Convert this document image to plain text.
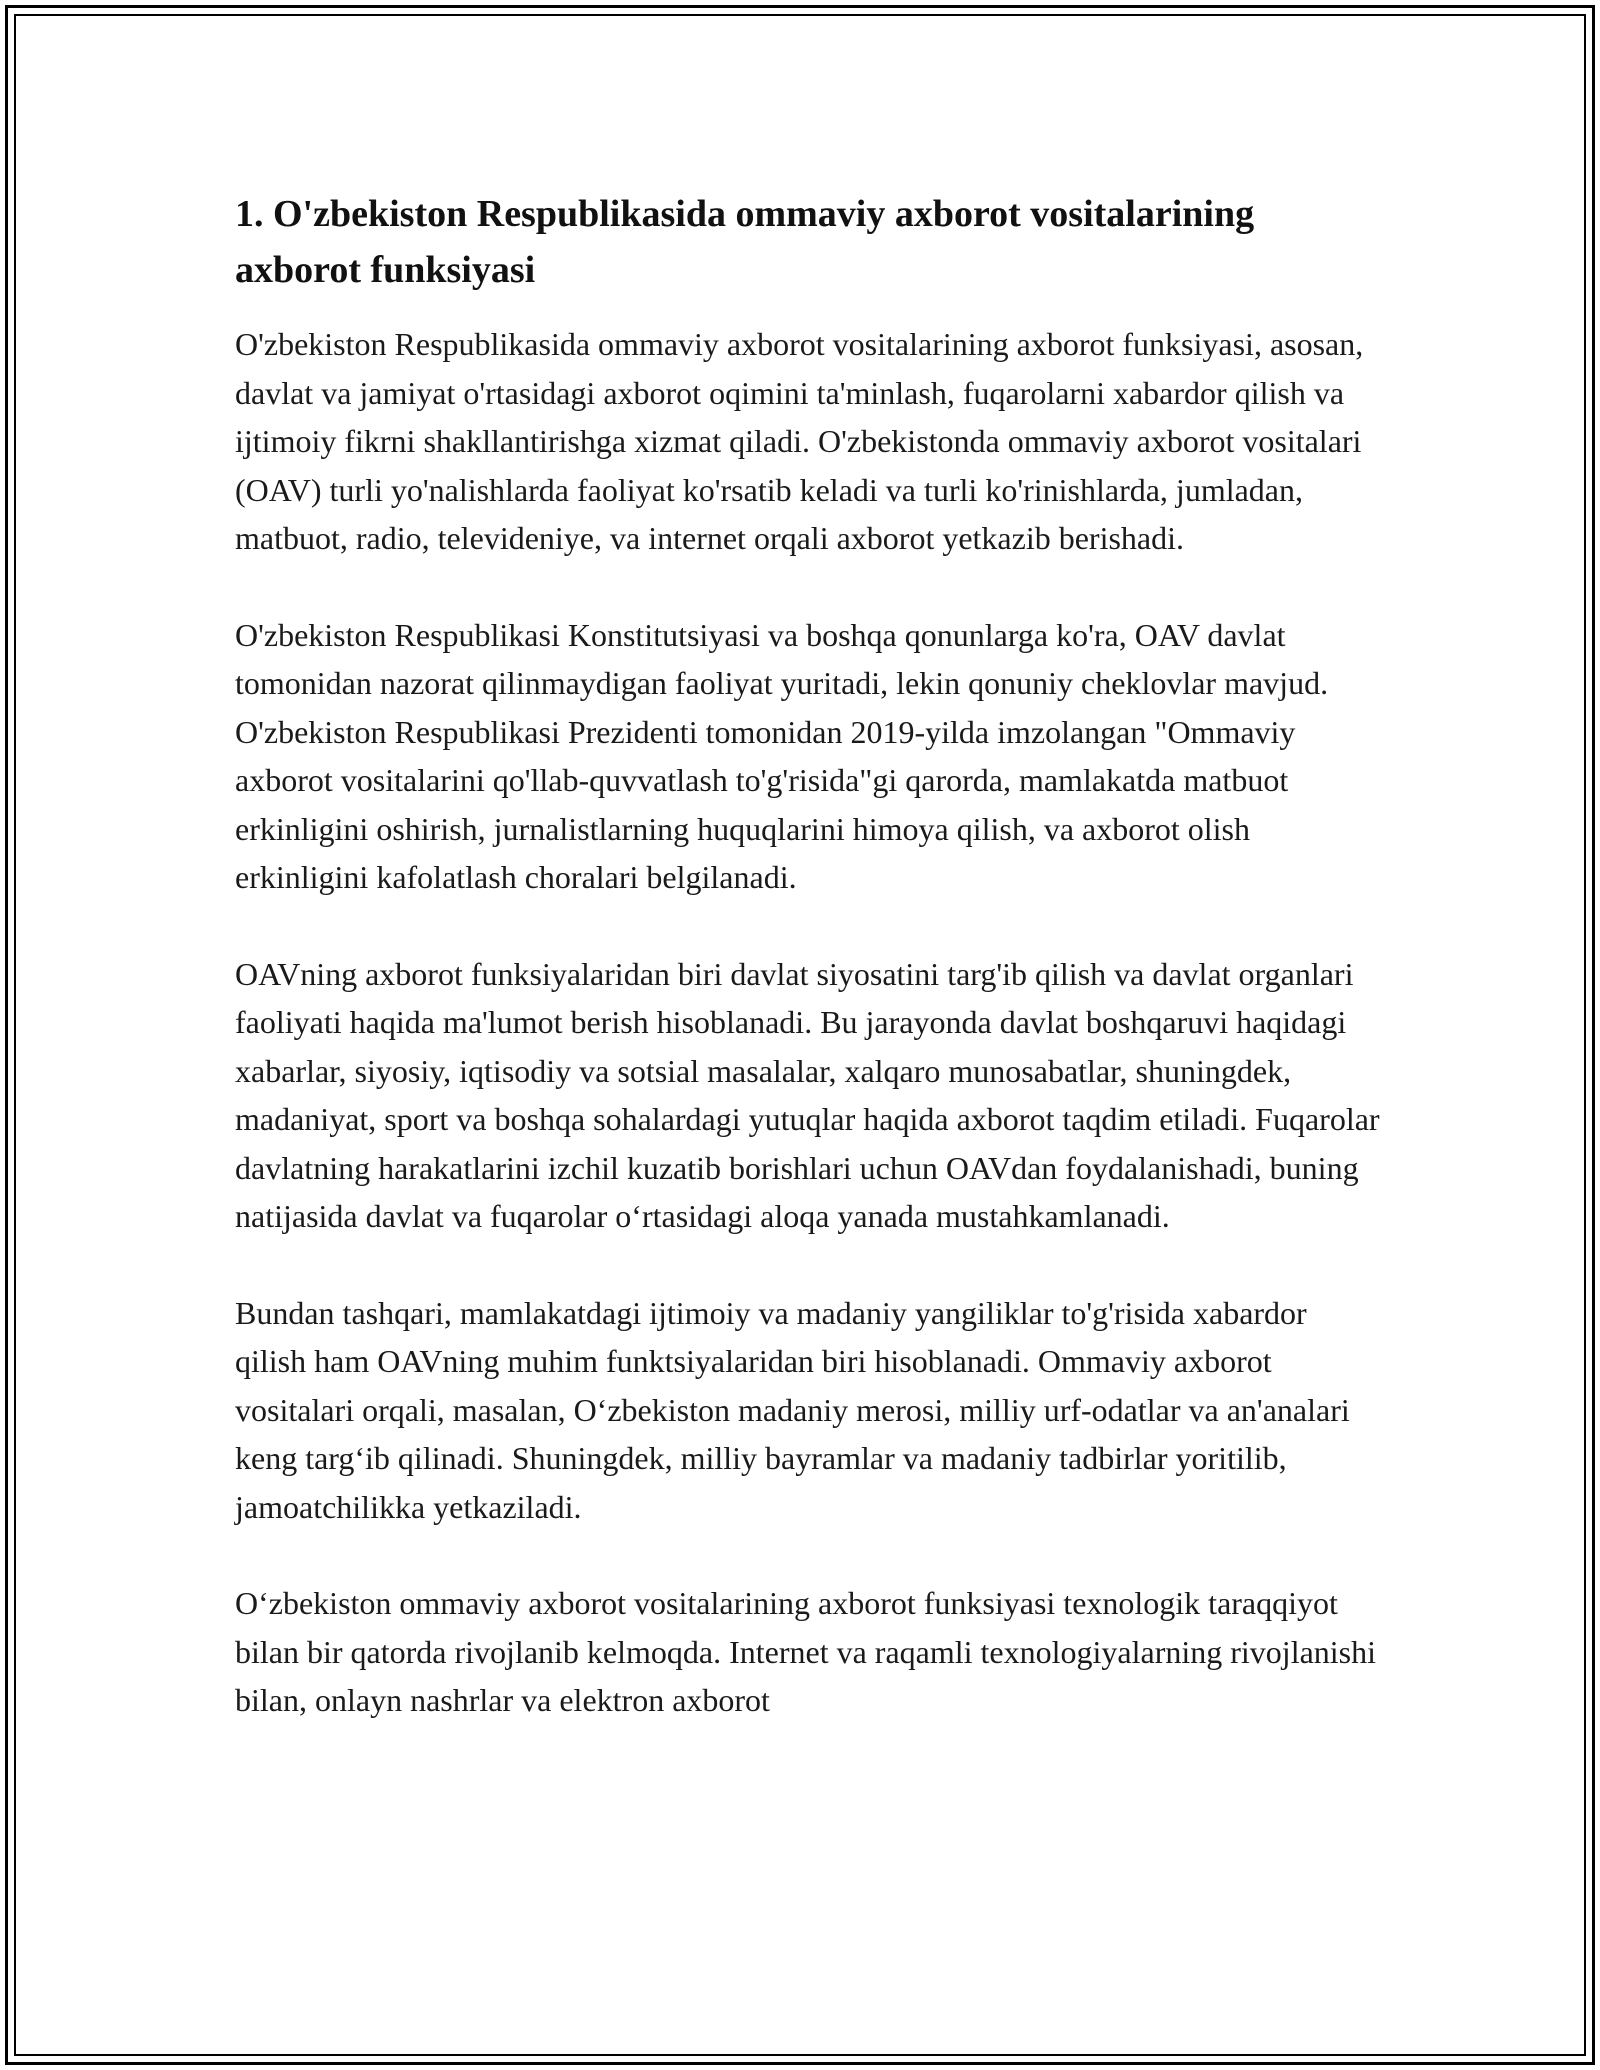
1. O'zbekiston Respublikasida ommaviy axborot vositalarining axborot funksiyasi

O'zbekiston Respublikasida ommaviy axborot vositalarining axborot funksiyasi, asosan, davlat va jamiyat o'rtasidagi axborot oqimini ta'minlash, fuqarolarni xabardor qilish va ijtimoiy fikrni shakllantirishga xizmat qiladi. O'zbekistonda ommaviy axborot vositalari (OAV) turli yo'nalishlarda faoliyat ko'rsatib keladi va turli ko'rinishlarda, jumladan, matbuot, radio, televideniye, va internet orqali axborot yetkazib berishadi.

O'zbekiston Respublikasi Konstitutsiyasi va boshqa qonunlarga ko'ra, OAV davlat tomonidan nazorat qilinmaydigan faoliyat yuritadi, lekin qonuniy cheklovlar mavjud. O'zbekiston Respublikasi Prezidenti tomonidan 2019-yilda imzolangan "Ommaviy axborot vositalarini qo'llab-quvvatlash to'g'risida"gi qarorda, mamlakatda matbuot erkinligini oshirish, jurnalistlarning huquqlarini himoya qilish, va axborot olish erkinligini kafolatlash choralari belgilanadi.

OAVning axborot funksiyalaridan biri davlat siyosatini targ'ib qilish va davlat organlari faoliyati haqida ma'lumot berish hisoblanadi. Bu jarayonda davlat boshqaruvi haqidagi xabarlar, siyosiy, iqtisodiy va sotsial masalalar, xalqaro munosabatlar, shuningdek, madaniyat, sport va boshqa sohalardagi yutuqlar haqida axborot taqdim etiladi. Fuqarolar davlatning harakatlarini izchil kuzatib borishlari uchun OAVdan foydalanishadi, buning natijasida davlat va fuqarolar oʻrtasidagi aloqa yanada mustahkamlanadi.

Bundan tashqari, mamlakatdagi ijtimoiy va madaniy yangiliklar to'g'risida xabardor qilish ham OAVning muhim funktsiyalaridan biri hisoblanadi. Ommaviy axborot vositalari orqali, masalan, Oʻzbekiston madaniy merosi, milliy urf-odatlar va an'analari keng targʻib qilinadi. Shuningdek, milliy bayramlar va madaniy tadbirlar yoritilib, jamoatchilikka yetkaziladi.

Oʻzbekiston ommaviy axborot vositalarining axborot funksiyasi texnologik taraqqiyot bilan bir qatorda rivojlanib kelmoqda. Internet va raqamli texnologiyalarning rivojlanishi bilan, onlayn nashrlar va elektron axborot
